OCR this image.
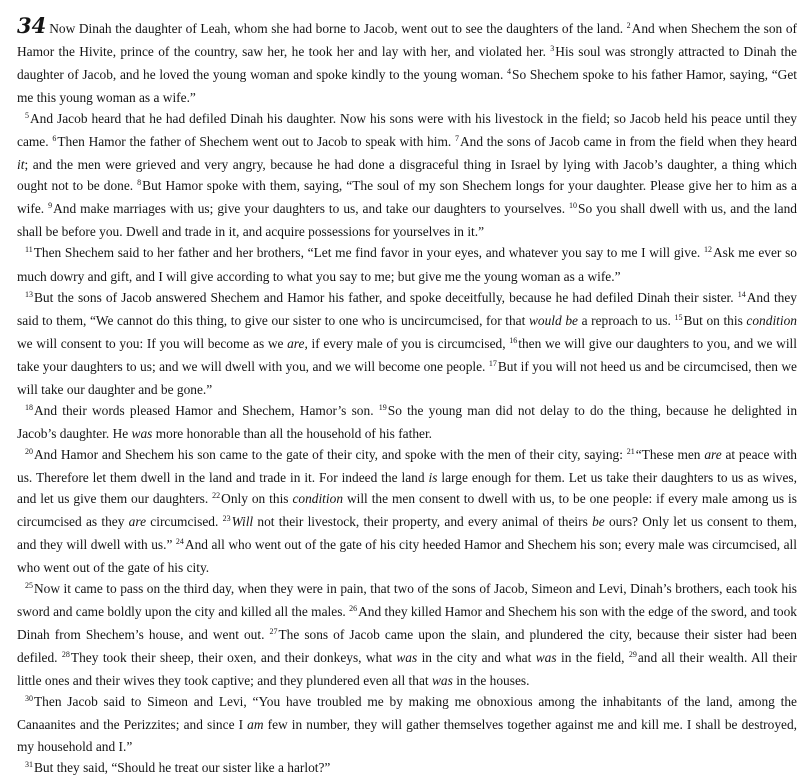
34 Now Dinah the daughter of Leah, whom she had borne to Jacob, went out to see the daughters of the land. $^2$And when Shechem the son of Hamor the Hivite, prince of the country, saw her, he took her and lay with her, and violated her. $^3$His soul was strongly attracted to Dinah the daughter of Jacob, and he loved the young woman and spoke kindly to the young woman. $^4$So Shechem spoke to his father Hamor, saying, “Get me this young woman as a wife.”

$^5$And Jacob heard that he had defiled Dinah his daughter. Now his sons were with his livestock in the field; so Jacob held his peace until they came. $^6$Then Hamor the father of Shechem went out to Jacob to speak with him. $^7$And the sons of Jacob came in from the field when they heard it; and the men were grieved and very angry, because he had done a disgraceful thing in Israel by lying with Jacob’s daughter, a thing which ought not to be done. $^8$But Hamor spoke with them, saying, “The soul of my son Shechem longs for your daughter. Please give her to him as a wife. $^9$And make marriages with us; give your daughters to us, and take our daughters to yourselves. $^{10}$So you shall dwell with us, and the land shall be before you. Dwell and trade in it, and acquire possessions for yourselves in it.”

$^{11}$Then Shechem said to her father and her brothers, “Let me find favor in your eyes, and whatever you say to me I will give. $^{12}$Ask me ever so much dowry and gift, and I will give according to what you say to me; but give me the young woman as a wife.”

$^{13}$But the sons of Jacob answered Shechem and Hamor his father, and spoke deceitfully, because he had defiled Dinah their sister. $^{14}$And they said to them, “We cannot do this thing, to give our sister to one who is uncircumcised, for that would be a reproach to us. $^{15}$But on this condition we will consent to you: If you will become as we are, if every male of you is circumcised, $^{16}$then we will give our daughters to you, and we will take your daughters to us; and we will dwell with you, and we will become one people. $^{17}$But if you will not heed us and be circumcised, then we will take our daughter and be gone.”

$^{18}$And their words pleased Hamor and Shechem, Hamor’s son. $^{19}$So the young man did not delay to do the thing, because he delighted in Jacob’s daughter. He was more honorable than all the household of his father.

$^{20}$And Hamor and Shechem his son came to the gate of their city, and spoke with the men of their city, saying: $^{21}$“These men are at peace with us. Therefore let them dwell in the land and trade in it. For indeed the land is large enough for them. Let us take their daughters to us as wives, and let us give them our daughters. $^{22}$Only on this condition will the men consent to dwell with us, to be one people: if every male among us is circumcised as they are circumcised. $^{23}$Will not their livestock, their property, and every animal of theirs be ours? Only let us consent to them, and they will dwell with us.” $^{24}$And all who went out of the gate of his city heeded Hamor and Shechem his son; every male was circumcised, all who went out of the gate of his city.

$^{25}$Now it came to pass on the third day, when they were in pain, that two of the sons of Jacob, Simeon and Levi, Dinah’s brothers, each took his sword and came boldly upon the city and killed all the males. $^{26}$And they killed Hamor and Shechem his son with the edge of the sword, and took Dinah from Shechem’s house, and went out. $^{27}$The sons of Jacob came upon the slain, and plundered the city, because their sister had been defiled. $^{28}$They took their sheep, their oxen, and their donkeys, what was in the city and what was in the field, $^{29}$and all their wealth. All their little ones and their wives they took captive; and they plundered even all that was in the houses.

$^{30}$Then Jacob said to Simeon and Levi, “You have troubled me by making me obnoxious among the inhabitants of the land, among the Canaanites and the Perizzites; and since I am few in number, they will gather themselves together against me and kill me. I shall be destroyed, my household and I.”

$^{31}$But they said, “Should he treat our sister like a harlot?”
